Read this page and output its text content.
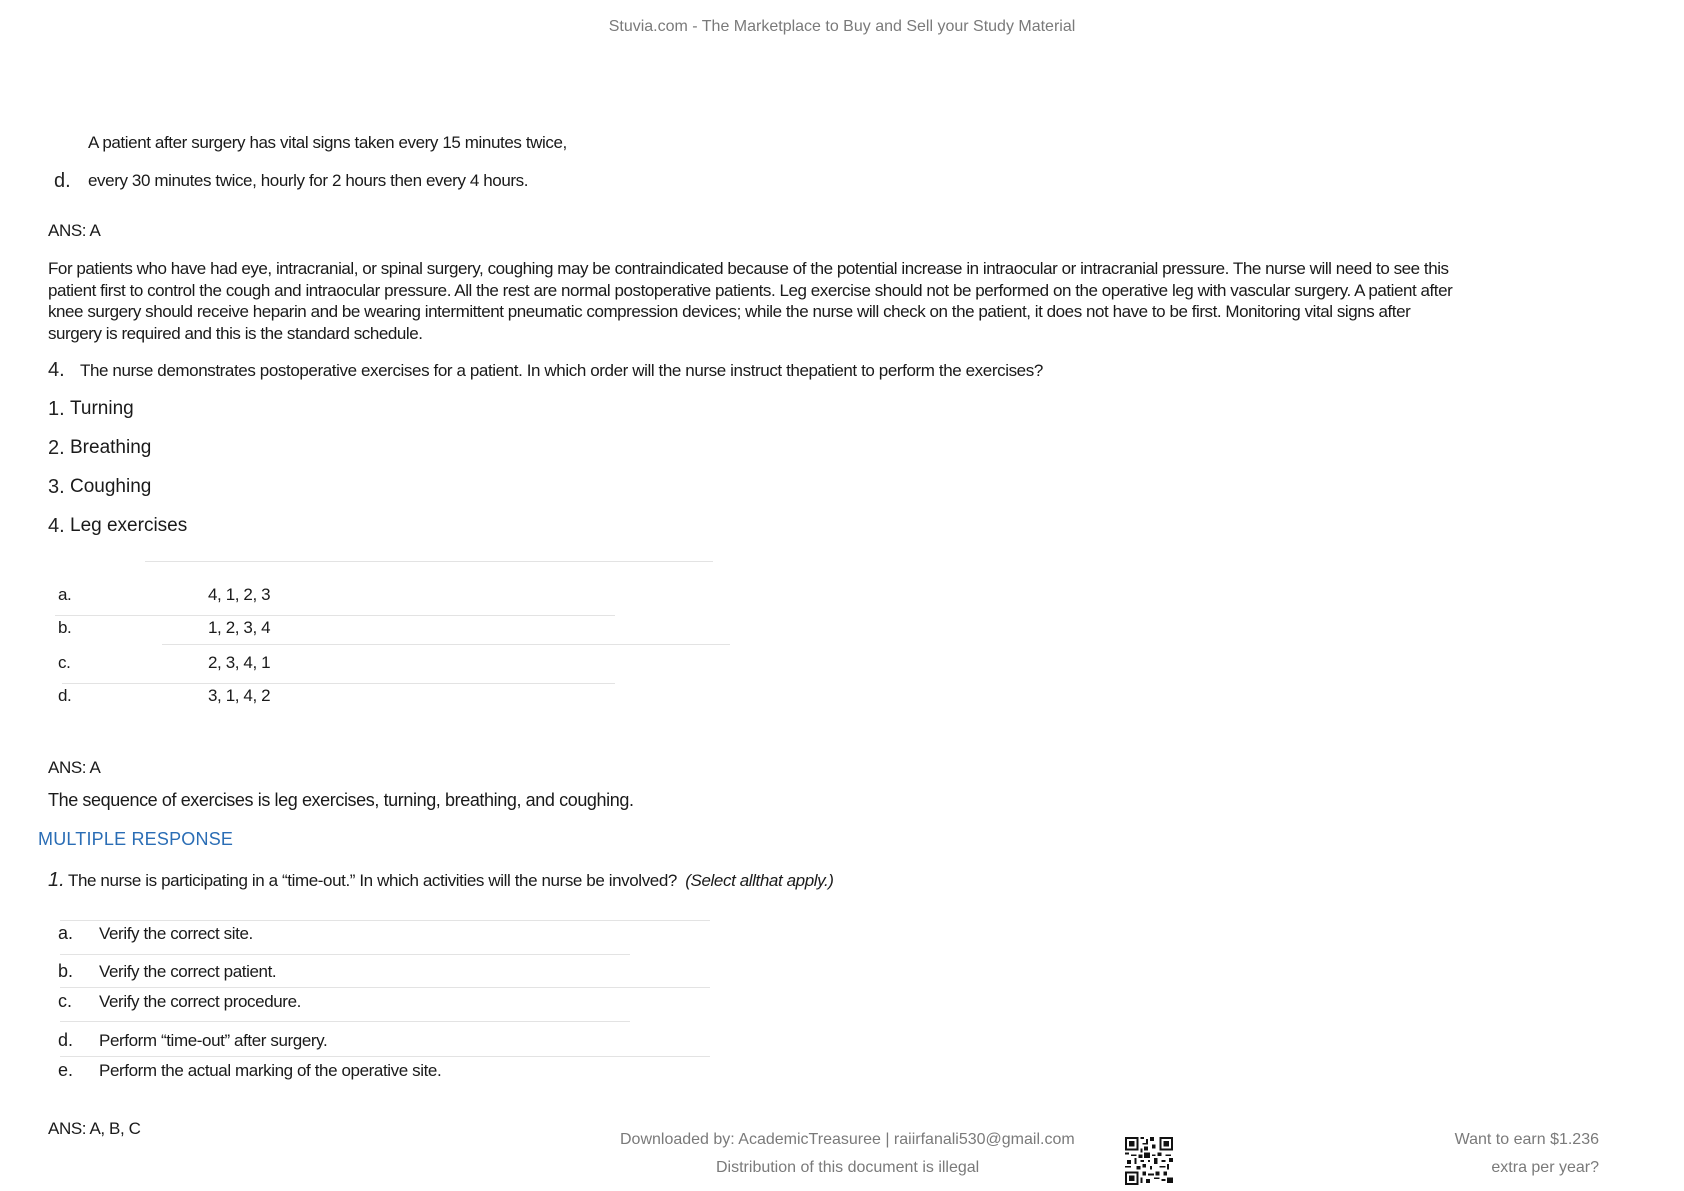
Stuvia.com - The Marketplace to Buy and Sell your Study Material
A patient after surgery has vital signs taken every 15 minutes twice,
d. every 30 minutes twice, hourly for 2 hours then every 4 hours.
ANS: A
For patients who have had eye, intracranial, or spinal surgery, coughing may be contraindicated because of the potential increase in intraocular or intracranial pressure. The nurse will need to see this
patient first to control the cough and intraocular pressure. All the rest are normal postoperative patients. Leg exercise should not be performed on the operative leg with vascular surgery. A patient after
knee surgery should receive heparin and be wearing intermittent pneumatic compression devices; while the nurse will check on the patient, it does not have to be first. Monitoring vital signs after
surgery is required and this is the standard schedule.
4. The nurse demonstrates postoperative exercises for a patient. In which order will the nurse instruct thepatient to perform the exercises?
1. Turning
2. Breathing
3. Coughing
4. Leg exercises
a.	4, 1, 2, 3
b.	1, 2, 3, 4
c.	2, 3, 4, 1
d.	3, 1, 4, 2
ANS: A
The sequence of exercises is leg exercises, turning, breathing, and coughing.
MULTIPLE RESPONSE
1. The nurse is participating in a “time-out.” In which activities will the nurse be involved? (Select allthat apply.)
a. Verify the correct site.
b. Verify the correct patient.
c. Verify the correct procedure.
d. Perform “time-out” after surgery.
e. Perform the actual marking of the operative site.
ANS: A, B, C
Downloaded by: AcademicTreasuree | raiirfanali530@gmail.com
Distribution of this document is illegal
Want to earn $1.236
extra per year?
